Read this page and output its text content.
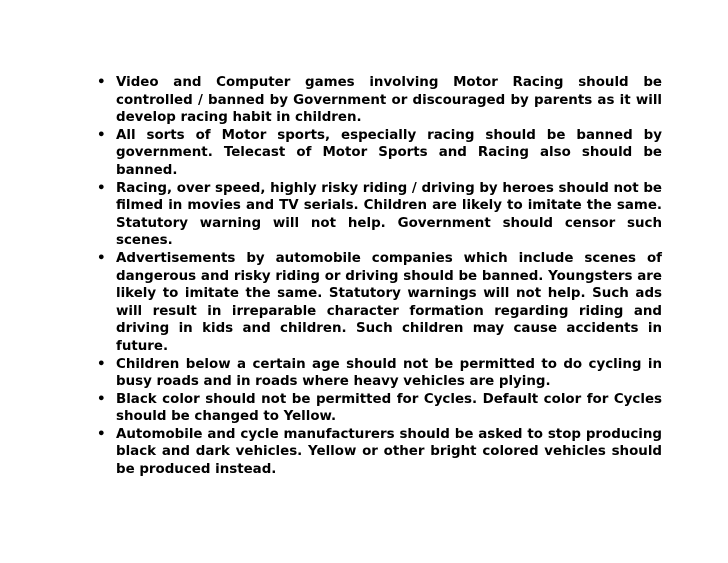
•
Video and Computer games involving Motor Racing should be controlled / banned by Government or discouraged by parents as it will develop racing habit in children.
•
All sorts of Motor sports, especially racing should be banned by government. Telecast of Motor Sports and Racing also should be banned.
•
Racing, over speed, highly risky riding / driving by heroes should not be filmed in movies and TV serials. Children are likely to imitate the same. Statutory warning will not help. Government should censor such scenes.
•
Advertisements by automobile companies which include scenes of dangerous and risky riding or driving should be banned. Youngsters are likely to imitate the same. Statutory warnings will not help. Such ads will result in irreparable character formation regarding riding and driving in kids and children. Such children may cause accidents in future.
•
Children below a certain age should not be permitted to do cycling in busy roads and in roads where heavy vehicles are plying.
•
Black color should not be permitted for Cycles. Default color for Cycles should be changed to Yellow.
•
Automobile and cycle manufacturers should be asked to stop producing black and dark vehicles. Yellow or other bright colored vehicles should be produced instead.
